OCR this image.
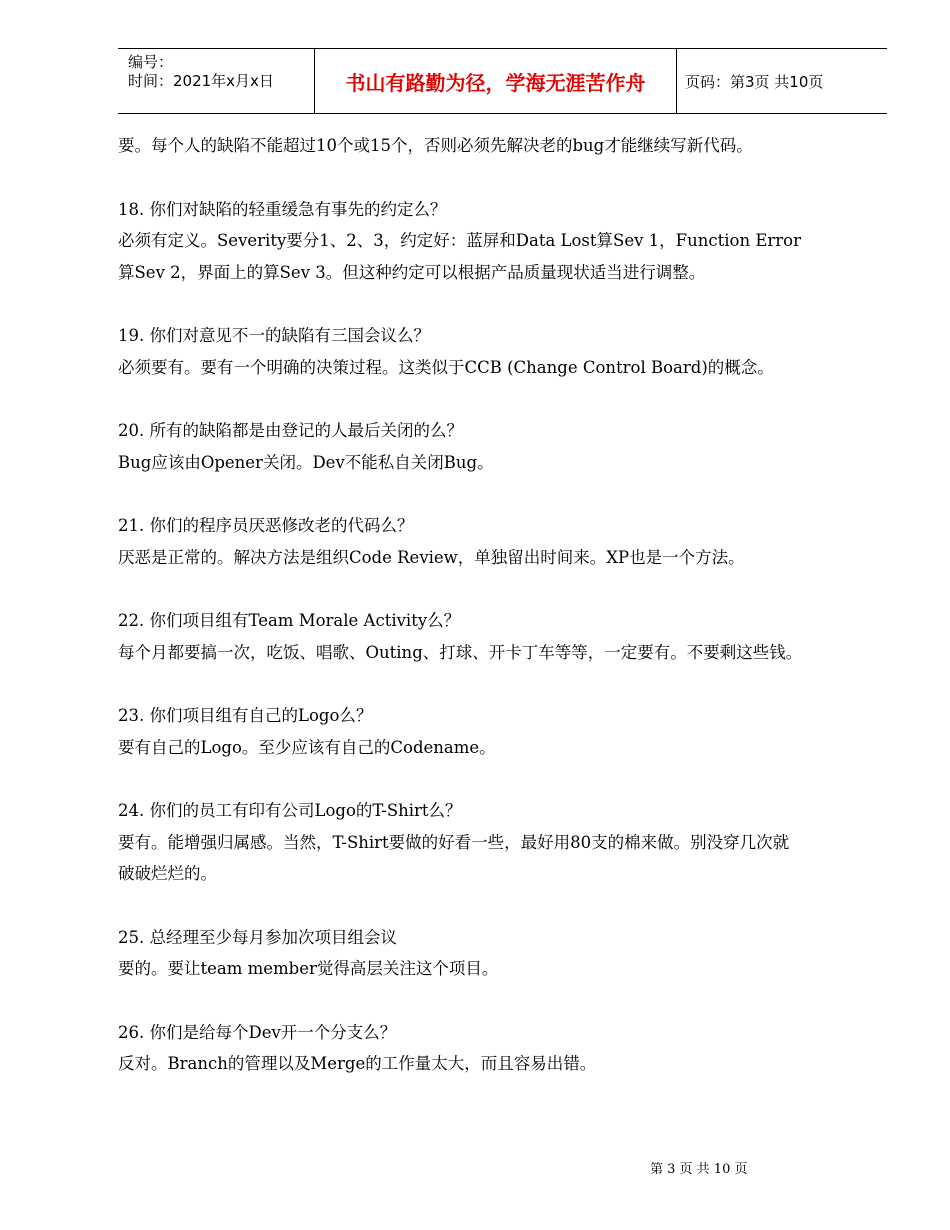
编号：
时间：2021年x月x日	书山有路勤为径，学海无涯苦作舟	页码：第3页 共10页

要。每个人的缺陷不能超过10个或15个，否则必须先解决老的bug才能继续写新代码。

18. 你们对缺陷的轻重缓急有事先的约定么？

必须有定义。Severity要分1、2、3，约定好：蓝屏和Data Lost算Sev 1，Function Error

算Sev 2，界面上的算Sev 3。但这种约定可以根据产品质量现状适当进行调整。

19. 你们对意见不一的缺陷有三国会议么？

必须要有。要有一个明确的决策过程。这类似于CCB (Change Control Board)的概念。

20. 所有的缺陷都是由登记的人最后关闭的么？

Bug应该由Opener关闭。Dev不能私自关闭Bug。

21. 你们的程序员厌恶修改老的代码么？

厌恶是正常的。解决方法是组织Code Review，单独留出时间来。XP也是一个方法。

22. 你们项目组有Team Morale Activity么？

每个月都要搞一次，吃饭、唱歌、Outing、打球、开卡丁车等等，一定要有。不要剩这些钱。

23. 你们项目组有自己的Logo么？

要有自己的Logo。至少应该有自己的Codename。

24. 你们的员工有印有公司Logo的T-Shirt么？

要有。能增强归属感。当然，T-Shirt要做的好看一些，最好用80支的棉来做。别没穿几次就

破破烂烂的。

25. 总经理至少每月参加次项目组会议

要的。要让team member觉得高层关注这个项目。

26. 你们是给每个Dev开一个分支么？

反对。Branch的管理以及Merge的工作量太大，而且容易出错。

第 3 页 共 10 页
